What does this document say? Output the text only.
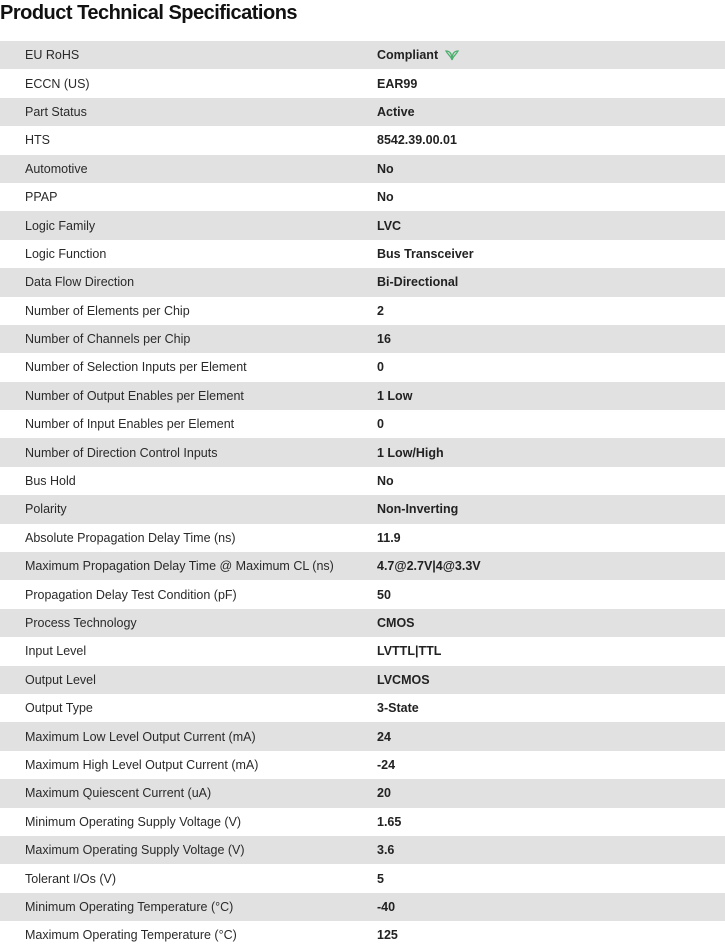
Product Technical Specifications
EU RoHS	Compliant
ECCN (US)	EAR99
Part Status	Active
HTS	8542.39.00.01
Automotive	No
PPAP	No
Logic Family	LVC
Logic Function	Bus Transceiver
Data Flow Direction	Bi-Directional
Number of Elements per Chip	2
Number of Channels per Chip	16
Number of Selection Inputs per Element	0
Number of Output Enables per Element	1 Low
Number of Input Enables per Element	0
Number of Direction Control Inputs	1 Low/High
Bus Hold	No
Polarity	Non-Inverting
Absolute Propagation Delay Time (ns)	11.9
Maximum Propagation Delay Time @ Maximum CL (ns)	4.7@2.7V|4@3.3V
Propagation Delay Test Condition (pF)	50
Process Technology	CMOS
Input Level	LVTTL|TTL
Output Level	LVCMOS
Output Type	3-State
Maximum Low Level Output Current (mA)	24
Maximum High Level Output Current (mA)	-24
Maximum Quiescent Current (uA)	20
Minimum Operating Supply Voltage (V)	1.65
Maximum Operating Supply Voltage (V)	3.6
Tolerant I/Os (V)	5
Minimum Operating Temperature (°C)	-40
Maximum Operating Temperature (°C)	125
